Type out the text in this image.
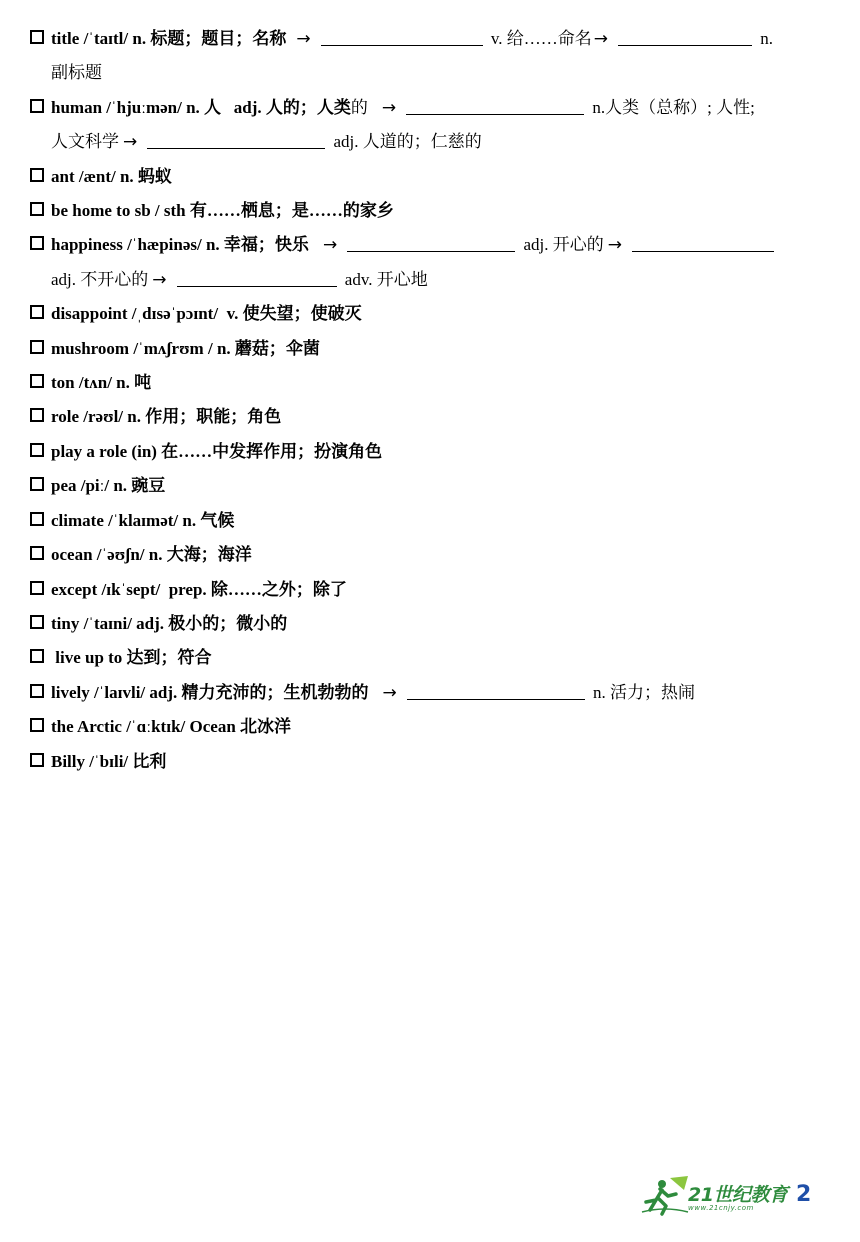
title /ˈtaɪtl/ n. 标题；题目；名称 →	v. 给……命名 →	n.
副标题
human /ˈhjuːmən/ n. 人   adj. 人的；人类的 →	n.人类（总称）; 人性;
人文科学 →	adj. 人道的；仁慈的
ant /ænt/ n. 蚂蚁
be home to sb / sth 有……栖息；是……的家乡
happiness /ˈhæpinəs/ n. 幸福；快乐 →	adj. 开心的 →
adj. 不开心的 →	adv. 开心地
disappoint /ˌdɪsəˈpɔɪnt/  v. 使失望；使破灭
mushroom /ˈmʌʃrʊm / n. 蘑菇；伞菌
ton /tʌn/ n. 吨
role /rəʊl/ n. 作用；职能；角色
play a role (in) 在……中发挥作用；扮演角色
pea /piː/ n. 豌豆
climate /ˈklaɪmət/ n. 气候
ocean /ˈəʊʃn/ n. 大海；海洋
except /ɪkˈsept/  prep. 除……之外；除了
tiny /ˈtaɪni/ adj. 极小的；微小的
live up to 达到；符合
lively /ˈlaɪvli/ adj. 精力充沛的；生机勃勃的 →	n. 活力；热闹
the Arctic /ˈɑːktɪk/ Ocean 北冰洋
Billy /ˈbɪli/ 比利
21世纪教育
www.21cnjy.com
2
